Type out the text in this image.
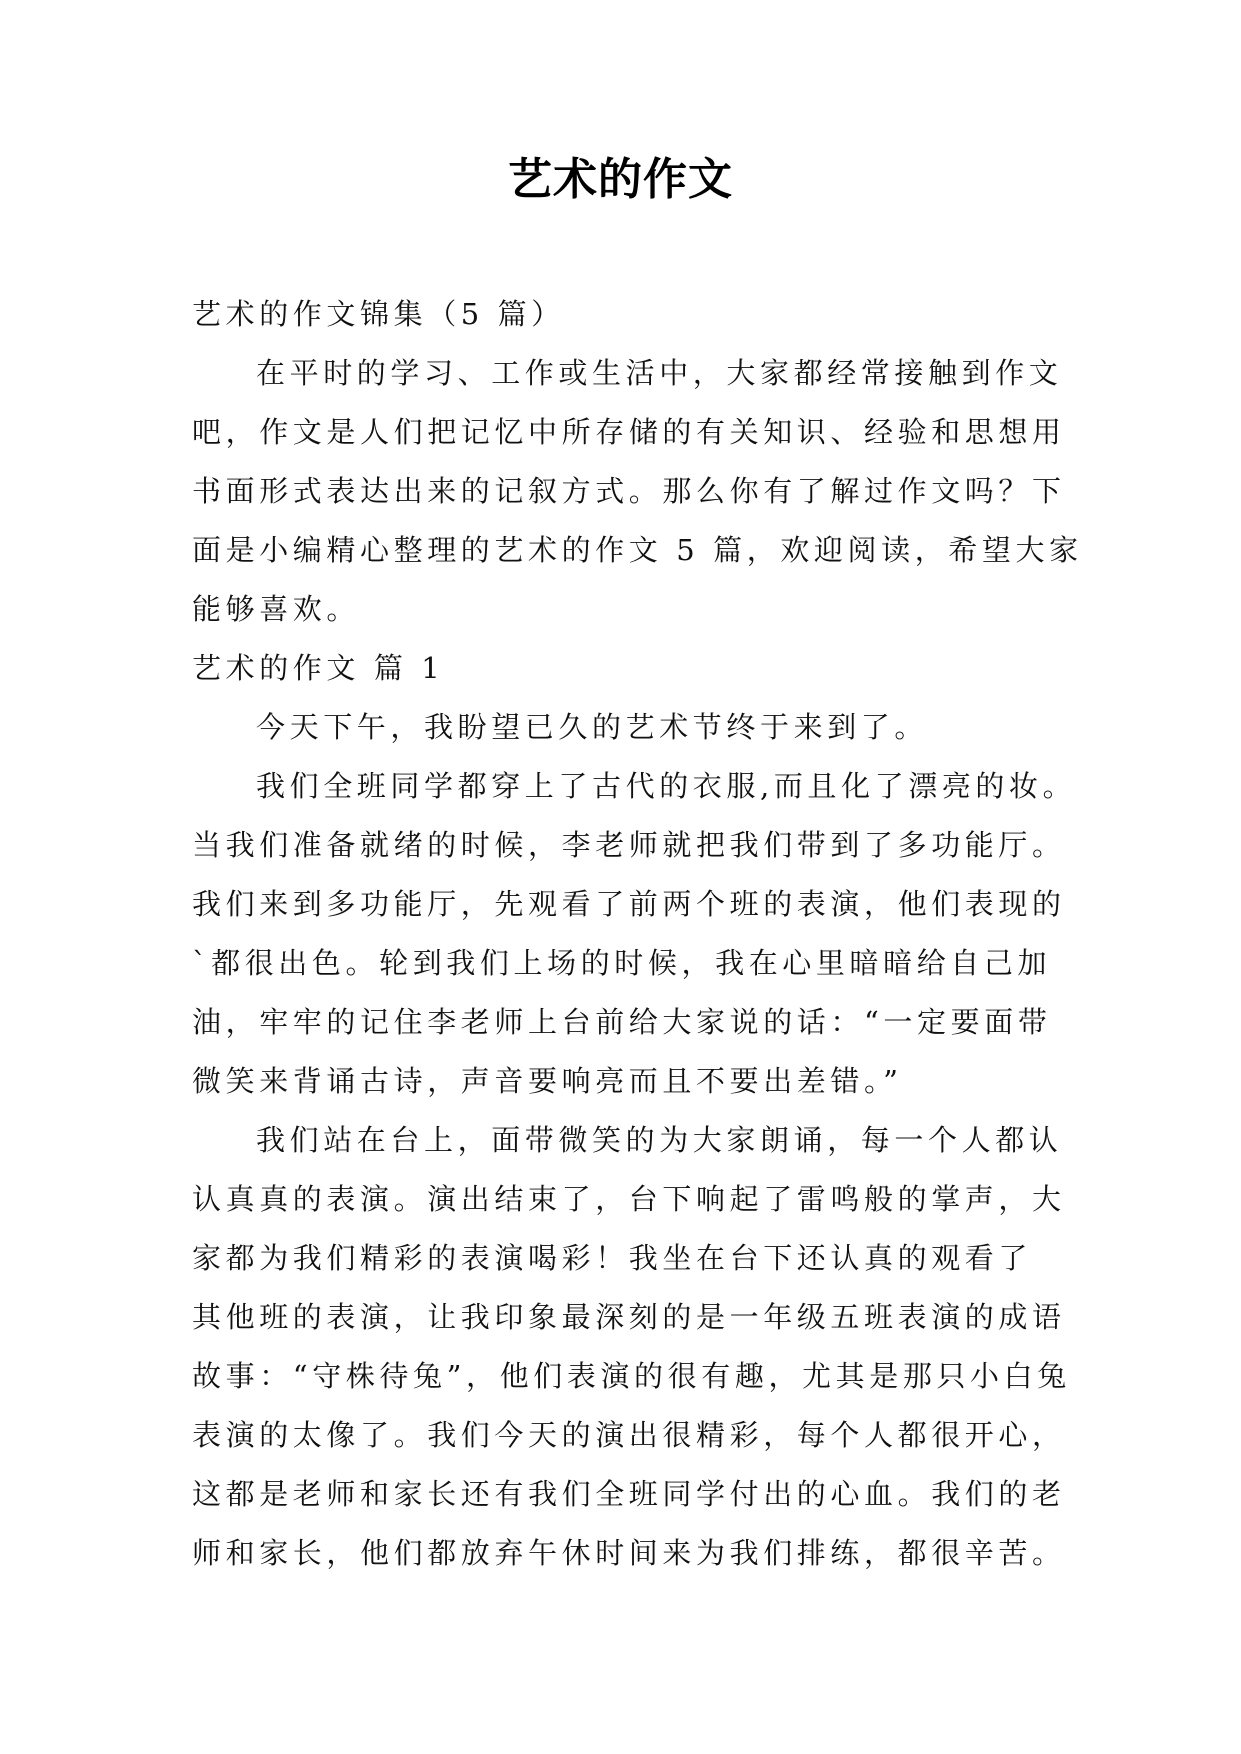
艺术的作文
艺术的作文锦集（5 篇）
在平时的学习、工作或生活中，大家都经常接触到作文
吧，作文是人们把记忆中所存储的有关知识、经验和思想用
书面形式表达出来的记叙方式。那么你有了解过作文吗？下
面是小编精心整理的艺术的作文 5 篇，欢迎阅读，希望大家
能够喜欢。
艺术的作文 篇 1
今天下午，我盼望已久的艺术节终于来到了。
我们全班同学都穿上了古代的衣服,而且化了漂亮的妆。
当我们准备就绪的时候，李老师就把我们带到了多功能厅。
我们来到多功能厅，先观看了前两个班的表演，他们表现的
`都很出色。轮到我们上场的时候，我在心里暗暗给自己加
油，牢牢的记住李老师上台前给大家说的话：“一定要面带
微笑来背诵古诗，声音要响亮而且不要出差错。”
我们站在台上，面带微笑的为大家朗诵，每一个人都认
认真真的表演。演出结束了，台下响起了雷鸣般的掌声，大
家都为我们精彩的表演喝彩！我坐在台下还认真的观看了
其他班的表演，让我印象最深刻的是一年级五班表演的成语
故事：“守株待兔”，他们表演的很有趣，尤其是那只小白兔
表演的太像了。我们今天的演出很精彩，每个人都很开心，
这都是老师和家长还有我们全班同学付出的心血。我们的老
师和家长，他们都放弃午休时间来为我们排练，都很辛苦。
